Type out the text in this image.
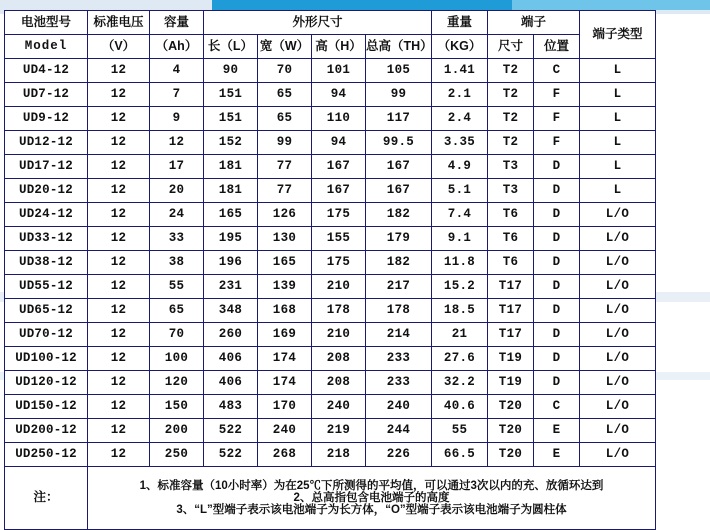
电池型号	标准电压	容量	外形尺寸				重量	端子		端子类型
Model	（V）	（Ah）	长（L）	宽（W）	高（H）	总高（TH）	（KG）	尺寸	位置	
UD4-12	12	4	90	70	101	105	1.41	T2	C	L
UD7-12	12	7	151	65	94	99	2.1	T2	F	L
UD9-12	12	9	151	65	110	117	2.4	T2	F	L
UD12-12	12	12	152	99	94	99.5	3.35	T2	F	L
UD17-12	12	17	181	77	167	167	4.9	T3	D	L
UD20-12	12	20	181	77	167	167	5.1	T3	D	L
UD24-12	12	24	165	126	175	182	7.4	T6	D	L/O
UD33-12	12	33	195	130	155	179	9.1	T6	D	L/O
UD38-12	12	38	196	165	175	182	11.8	T6	D	L/O
UD55-12	12	55	231	139	210	217	15.2	T17	D	L/O
UD65-12	12	65	348	168	178	178	18.5	T17	D	L/O
UD70-12	12	70	260	169	210	214	21	T17	D	L/O
UD100-12	12	100	406	174	208	233	27.6	T19	D	L/O
UD120-12	12	120	406	174	208	233	32.2	T19	D	L/O
UD150-12	12	150	483	170	240	240	40.6	T20	C	L/O
UD200-12	12	200	522	240	219	244	55	T20	E	L/O
UD250-12	12	250	522	268	218	226	66.5	T20	E	L/O
注：	1、标准容量（10小时率）为在25℃下所测得的平均值，可以通过3次以内的充、放循环达到
2、总高指包含电池端子的高度
3、“L”型端子表示该电池端子为长方体，“O”型端子表示该电池端子为圆柱体									
